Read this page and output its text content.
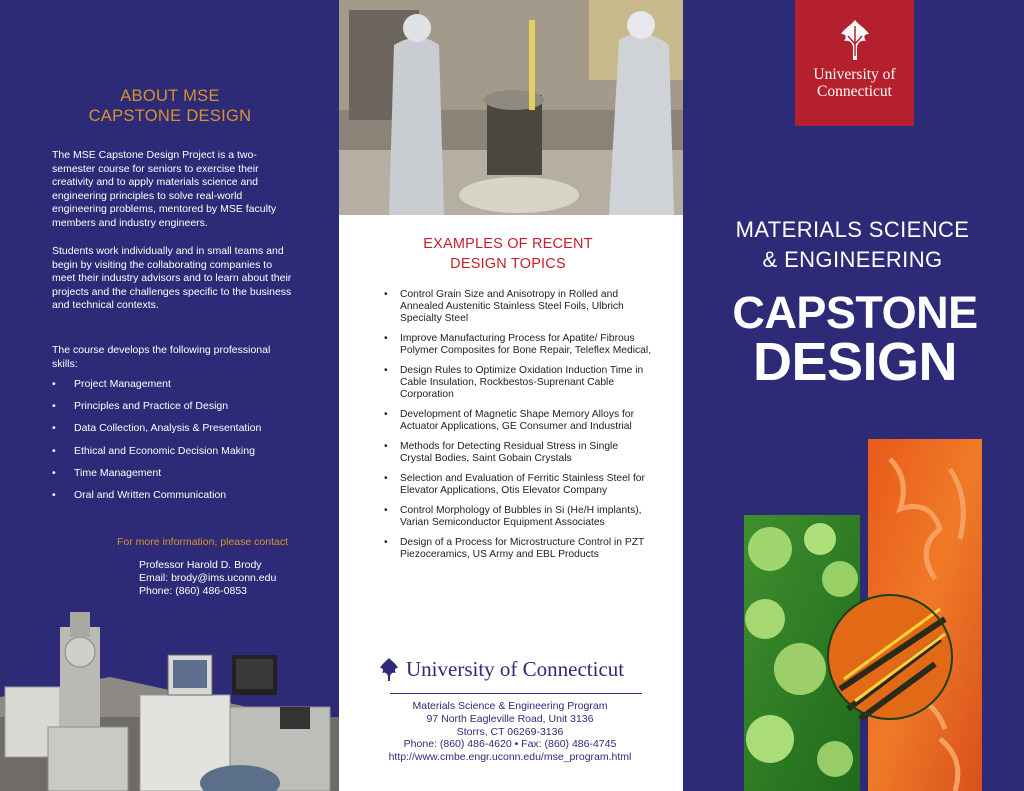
ABOUT MSE
CAPSTONE DESIGN

The MSE Capstone Design Project is a two-semester course for seniors to exercise their creativity and to apply materials science and engineering principles to solve real-world engineering problems, mentored by MSE faculty members and industry engineers.

Students work individually and in small teams and begin by visiting the collaborating companies to meet their industry advisors and to learn about their projects and the challenges specific to the business and technical contexts.

The course develops the following professional skills:

• Project Management
• Principles and Practice of Design
• Data Collection, Analysis & Presentation
• Ethical and Economic Decision Making
• Time Management
• Oral and Written Communication
For more information, please contact
Professor Harold D. Brody
Email: brody@ims.uconn.edu
Phone: (860) 486-0853
EXAMPLES OF RECENT
DESIGN TOPICS
• Control Grain Size and Anisotropy in Rolled and Annealed Austenitic Stainless Steel Foils, Ulbrich Specialty Steel
• Improve Manufacturing Process for Apatite/ Fibrous Polymer Composites for Bone Repair, Teleflex Medical,
• Design Rules to Optimize Oxidation Induction Time in Cable Insulation, Rockbestos-Suprenant Cable Corporation
• Development of Magnetic Shape Memory Alloys for Actuator Applications, GE Consumer and Industrial
• Methods for Detecting Residual Stress in Single Crystal Bodies, Saint Gobain Crystals
• Selection and Evaluation of Ferritic Stainless Steel for Elevator Applications, Otis Elevator Company
• Control Morphology of Bubbles in Si (He/H implants), Varian Semiconductor Equipment Associates
• Design of a Process for Microstructure Control in PZT Piezoceramics, US Army and EBL Products
University of Connecticut
Materials Science & Engineering Program
97 North Eagleville Road, Unit 3136
Storrs, CT 06269-3136
Phone: (860) 486-4620 • Fax: (860) 486-4745
http://www.cmbe.engr.uconn.edu/mse_program.html
University of
Connecticut
MATERIALS SCIENCE
& ENGINEERING
CAPSTONE
DESIGN
